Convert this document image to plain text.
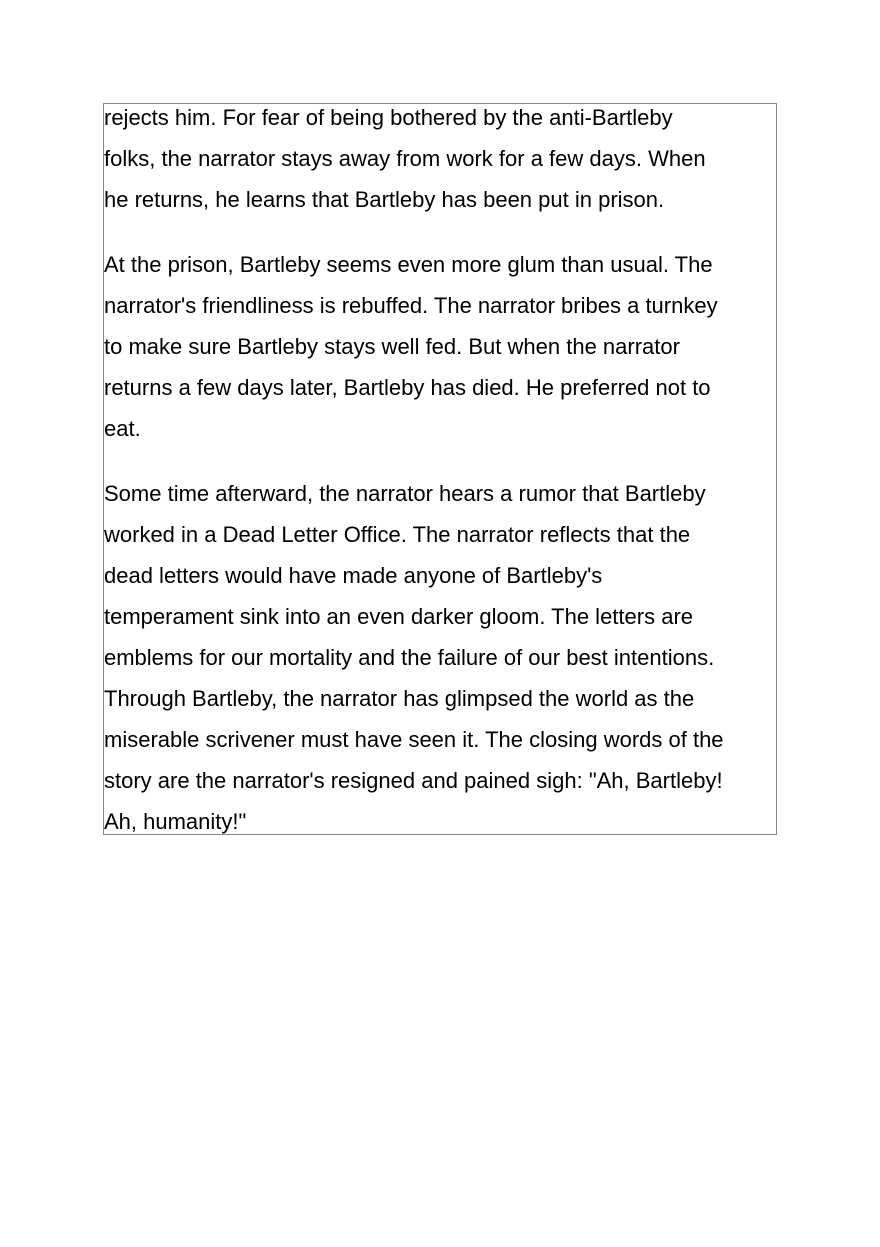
rejects him. For fear of being bothered by the anti-Bartleby
folks, the narrator stays away from work for a few days. When
he returns, he learns that Bartleby has been put in prison.

At the prison, Bartleby seems even more glum than usual. The
narrator's friendliness is rebuffed. The narrator bribes a turnkey
to make sure Bartleby stays well fed. But when the narrator
returns a few days later, Bartleby has died. He preferred not to
eat.

Some time afterward, the narrator hears a rumor that Bartleby
worked in a Dead Letter Office. The narrator reflects that the
dead letters would have made anyone of Bartleby's
temperament sink into an even darker gloom. The letters are
emblems for our mortality and the failure of our best intentions.
Through Bartleby, the narrator has glimpsed the world as the
miserable scrivener must have seen it. The closing words of the
story are the narrator's resigned and pained sigh: "Ah, Bartleby!
Ah, humanity!"
